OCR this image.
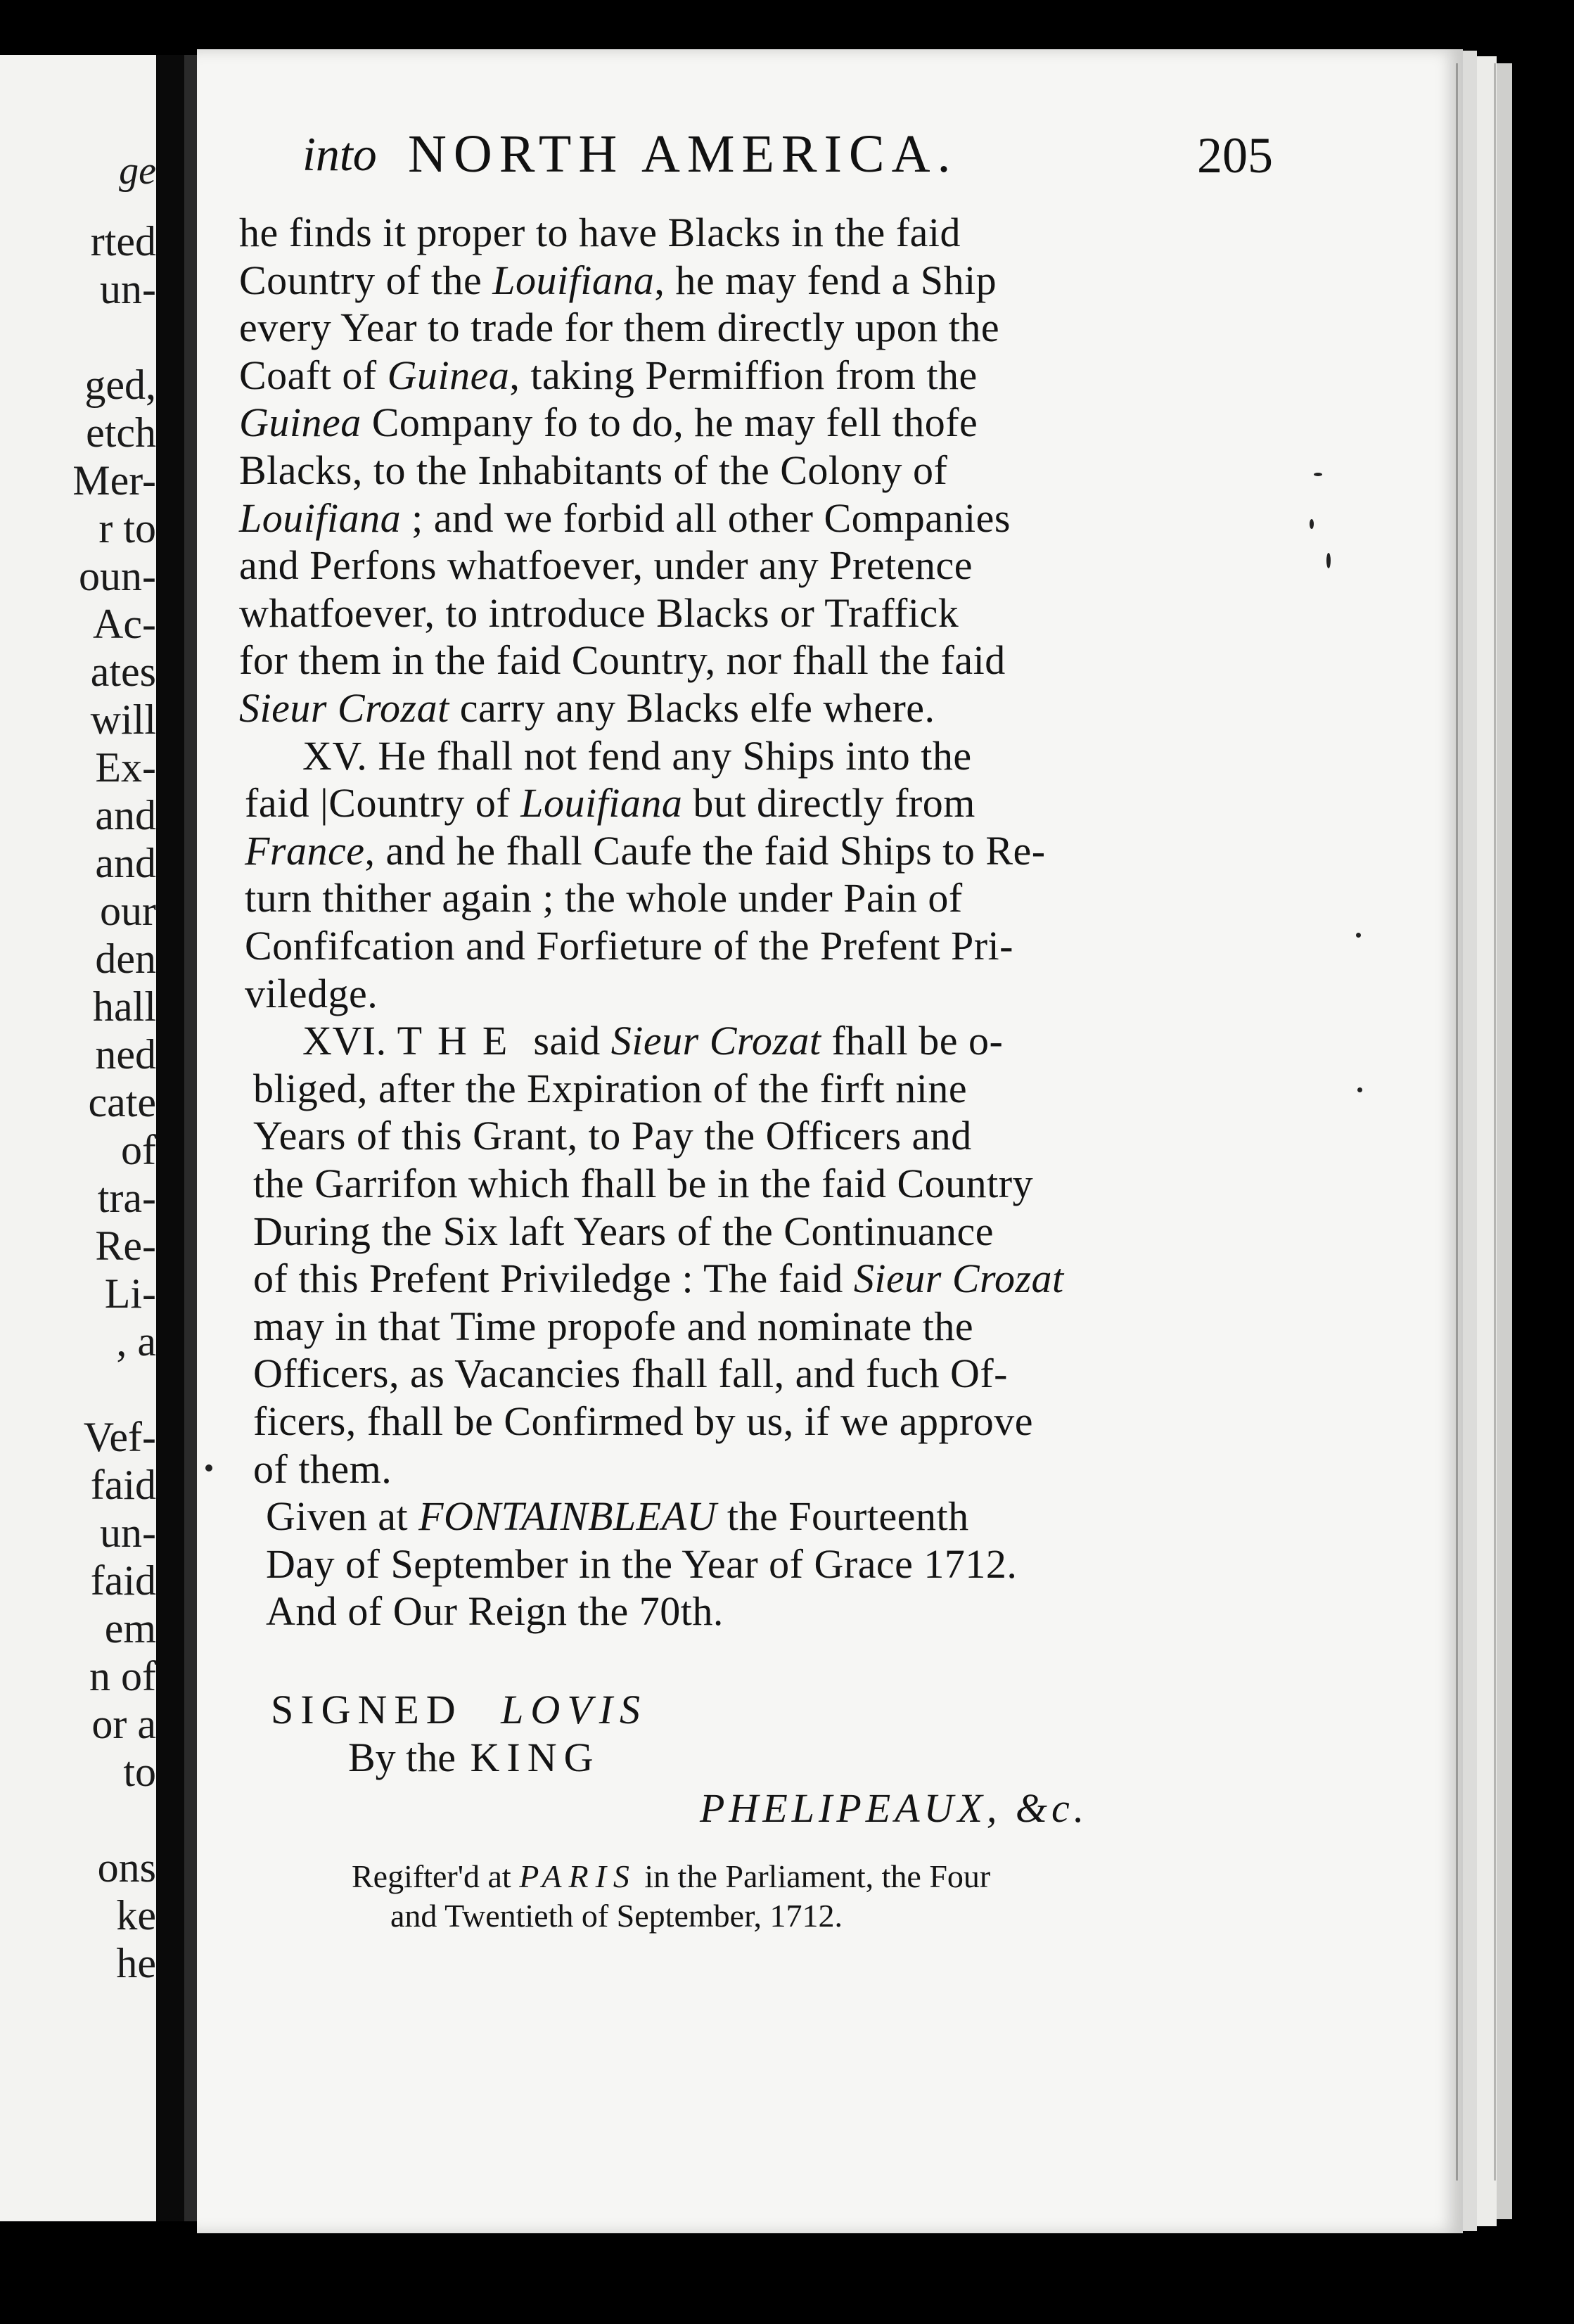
ge

rted

un-

ged,

etch

Mer-

r to

oun-

Ac-

ates

will

Ex-

and

and

our

den

hall

ned

cate

of

tra-

Re-

Li-

, a

Vef-

faid

un-

faid

em

n of

or a

to

ons

ke

he

into NORTH AMERICA.	205

he finds it proper to have Blacks in the faid

Country of the Louifiana, he may fend a Ship

every Year to trade for them directly upon the

Coaft of Guinea, taking Permiffion from the

Guinea Company fo to do, he may fell thofe

Blacks, to the Inhabitants of the Colony of

Louifiana ; and we forbid all other Companies

and Perfons whatfoever, under any Pretence

whatfoever, to introduce Blacks or Traffick

for them in the faid Country, nor fhall the faid

Sieur Crozat carry any Blacks elfe where.

XV. He fhall not fend any Ships into the

faid |Country of Louifiana but directly from

France, and he fhall Caufe the faid Ships to Re-

turn thither again ; the whole under Pain of

Confifcation and Forfieture of the Prefent Pri-

viledge.

XVI. THE said Sieur Crozat fhall be o-

bliged, after the Expiration of the firft nine

Years of this Grant, to Pay the Officers and

the Garrifon which fhall be in the faid Country

During the Six laft Years of the Continuance

of this Prefent Priviledge : The faid Sieur Crozat

may in that Time propofe and nominate the

Officers, as Vacancies fhall fall, and fuch Of-

ficers, fhall be Confirmed by us, if we approve

of them.

Given at FONTAINBLEAU the Fourteenth

Day of September in the Year of Grace 1712.

And of Our Reign the 70th.

SIGNED LOVIS

By the KING

PHELIPEAUX, &c.

Regifter'd at PARIS in the Parliament, the Four

and Twentieth of September, 1712.
